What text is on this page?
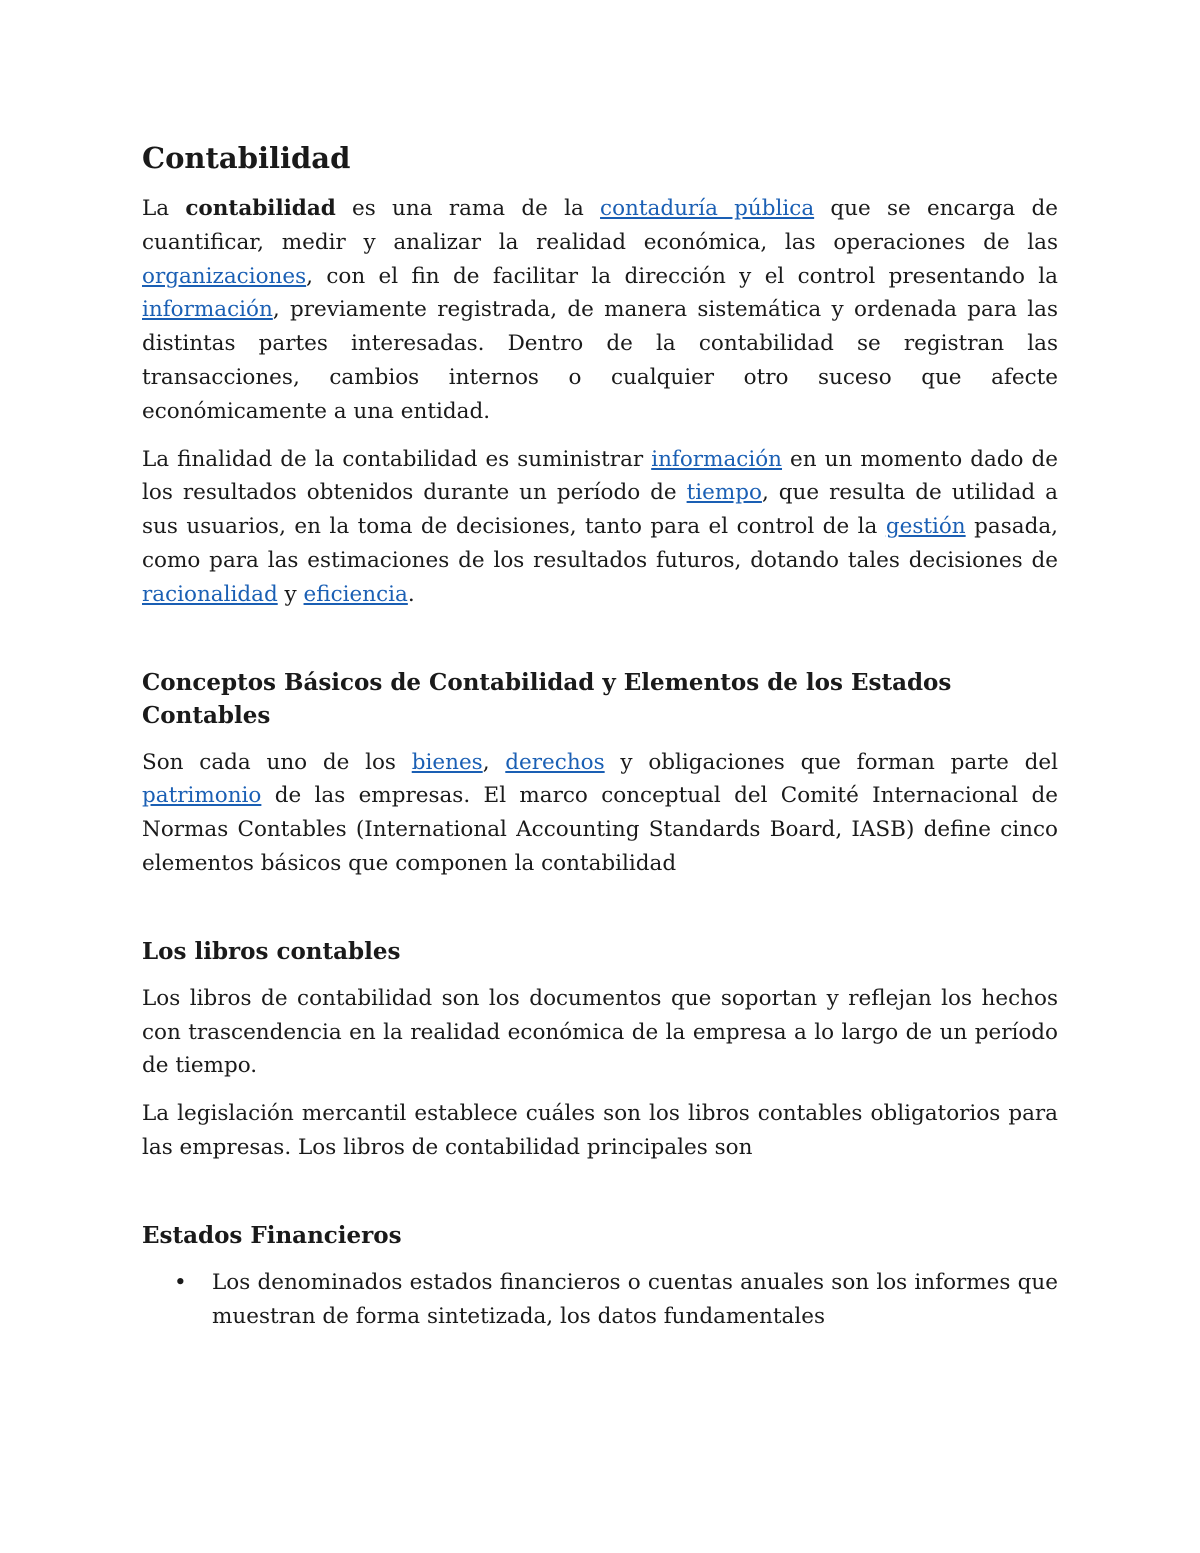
Contabilidad

La contabilidad es una rama de la contaduría pública que se encarga de cuantificar, medir y analizar la realidad económica, las operaciones de las organizaciones, con el fin de facilitar la dirección y el control presentando la información, previamente registrada, de manera sistemática y ordenada para las distintas partes interesadas. Dentro de la contabilidad se registran las transacciones, cambios internos o cualquier otro suceso que afecte económicamente a una entidad.

La finalidad de la contabilidad es suministrar información en un momento dado de los resultados obtenidos durante un período de tiempo, que resulta de utilidad a sus usuarios, en la toma de decisiones, tanto para el control de la gestión pasada, como para las estimaciones de los resultados futuros, dotando tales decisiones de racionalidad y eficiencia.

Conceptos Básicos de Contabilidad y Elementos de los Estados Contables

Son cada uno de los bienes, derechos y obligaciones que forman parte del patrimonio de las empresas. El marco conceptual del Comité Internacional de Normas Contables (International Accounting Standards Board, IASB) define cinco elementos básicos que componen la contabilidad

Los libros contables

Los libros de contabilidad son los documentos que soportan y reflejan los hechos con trascendencia en la realidad económica de la empresa a lo largo de un período de tiempo.

La legislación mercantil establece cuáles son los libros contables obligatorios para las empresas. Los libros de contabilidad principales son

Estados Financieros
• Los denominados estados financieros o cuentas anuales son los informes que muestran de forma sintetizada, los datos fundamentales
